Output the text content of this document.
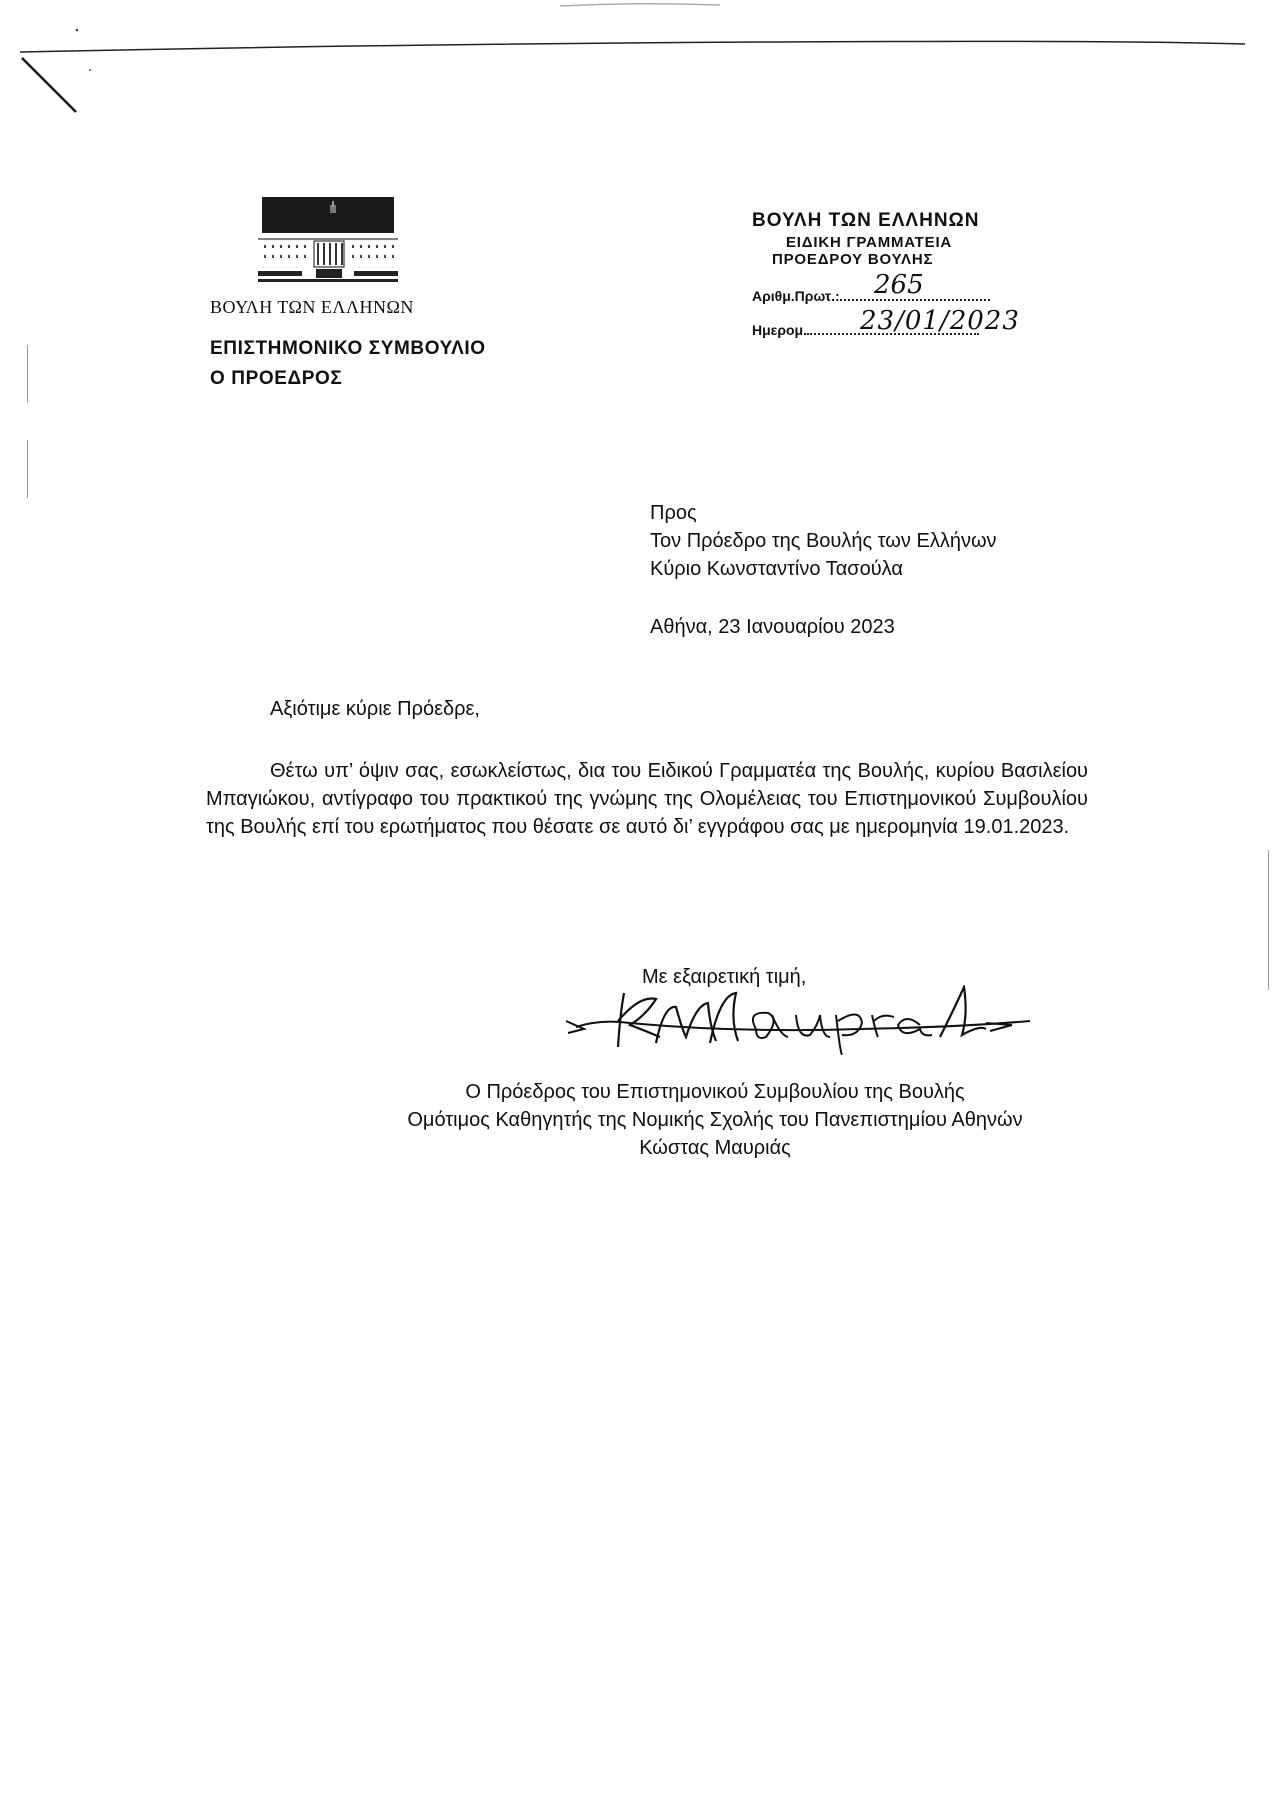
ΒΟΥΛΗ ΤΩΝ ΕΛΛΗΝΩΝ
ΕΠΙΣΤΗΜΟΝΙΚΟ ΣΥΜΒΟΥΛΙΟ
Ο ΠΡΟΕΔΡΟΣ
ΒΟΥΛΗ ΤΩΝ ΕΛΛΗΝΩΝ
ΕΙΔΙΚΗ ΓΡΑΜΜΑΤΕΙΑ
ΠΡΟΕΔΡΟΥ ΒΟΥΛΗΣ
Αριθμ.Πρωτ.:	265
Ημερομ.	23/01/2023
Προς
Τον Πρόεδρο της Βουλής των Ελλήνων
Κύριο Κωνσταντίνο Τασούλα
Αθήνα, 23 Ιανουαρίου 2023
Αξιότιμε κύριε Πρόεδρε,

Θέτω υπ’ όψιν σας, εσωκλείστως, δια του Ειδικού Γραμματέα της Βουλής, κυρίου Βασιλείου Μπαγιώκου, αντίγραφο του πρακτικού της γνώμης της Ολομέλειας του Επιστημονικού Συμβουλίου της Βουλής επί του ερωτήματος που θέσατε σε αυτό δι’ εγγράφου σας με ημερομηνία 19.01.2023.

Με εξαιρετική τιμή,
Ο Πρόεδρος του Επιστημονικού Συμβουλίου της Βουλής
Ομότιμος Καθηγητής της Νομικής Σχολής του Πανεπιστημίου Αθηνών
Κώστας Μαυριάς
